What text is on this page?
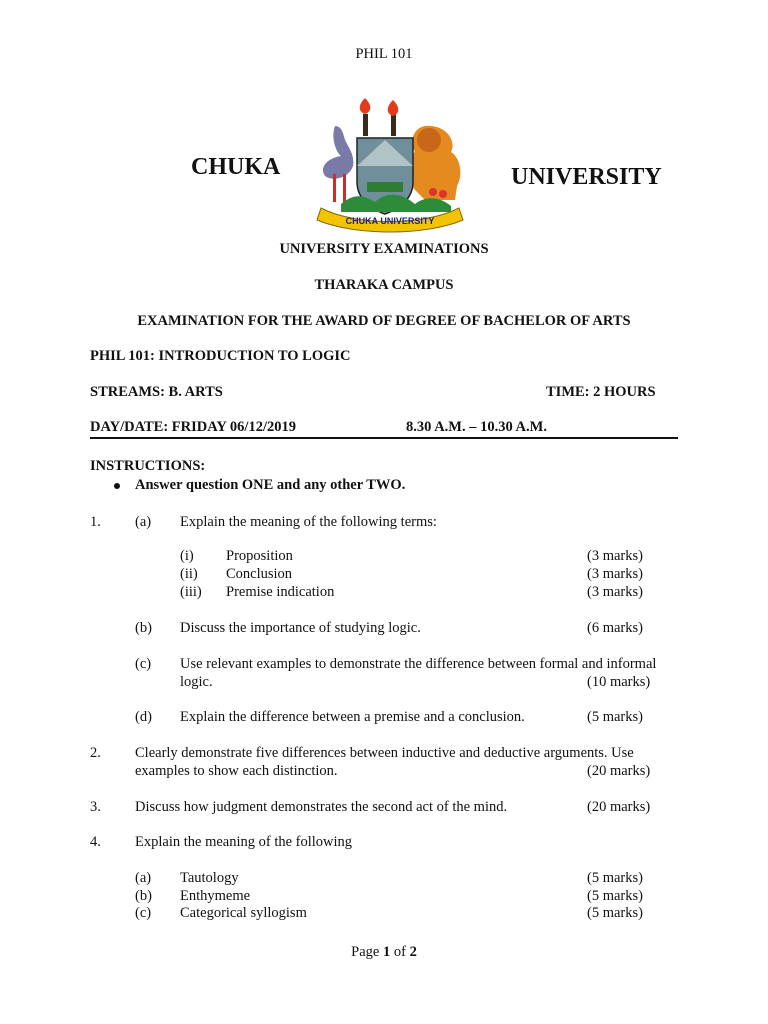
PHIL 101
CHUKA UNIVERSITY
CHUKA	UNIVERSITY
UNIVERSITY EXAMINATIONS
THARAKA CAMPUS
EXAMINATION FOR THE AWARD OF DEGREE OF BACHELOR OF ARTS
PHIL 101: INTRODUCTION TO LOGIC
STREAMS: B. ARTS	TIME: 2 HOURS
DAY/DATE: FRIDAY 06/12/2019	8.30 A.M. – 10.30 A.M.
INSTRUCTIONS:
Answer question ONE and any other TWO.
1. (a) Explain the meaning of the following terms:
(i) Proposition	(3 marks)
(ii) Conclusion	(3 marks)
(iii) Premise indication	(3 marks)
(b) Discuss the importance of studying logic.	(6 marks)
(c) Use relevant examples to demonstrate the difference between formal and informal
logic.	(10 marks)
(d) Explain the difference between a premise and a conclusion.	(5 marks)
2. Clearly demonstrate five differences between inductive and deductive arguments. Use
examples to show each distinction.	(20 marks)
3. Discuss how judgment demonstrates the second act of the mind.	(20 marks)
4. Explain the meaning of the following
(a) Tautology	(5 marks)
(b) Enthymeme	(5 marks)
(c) Categorical syllogism	(5 marks)
Page 1 of 2
